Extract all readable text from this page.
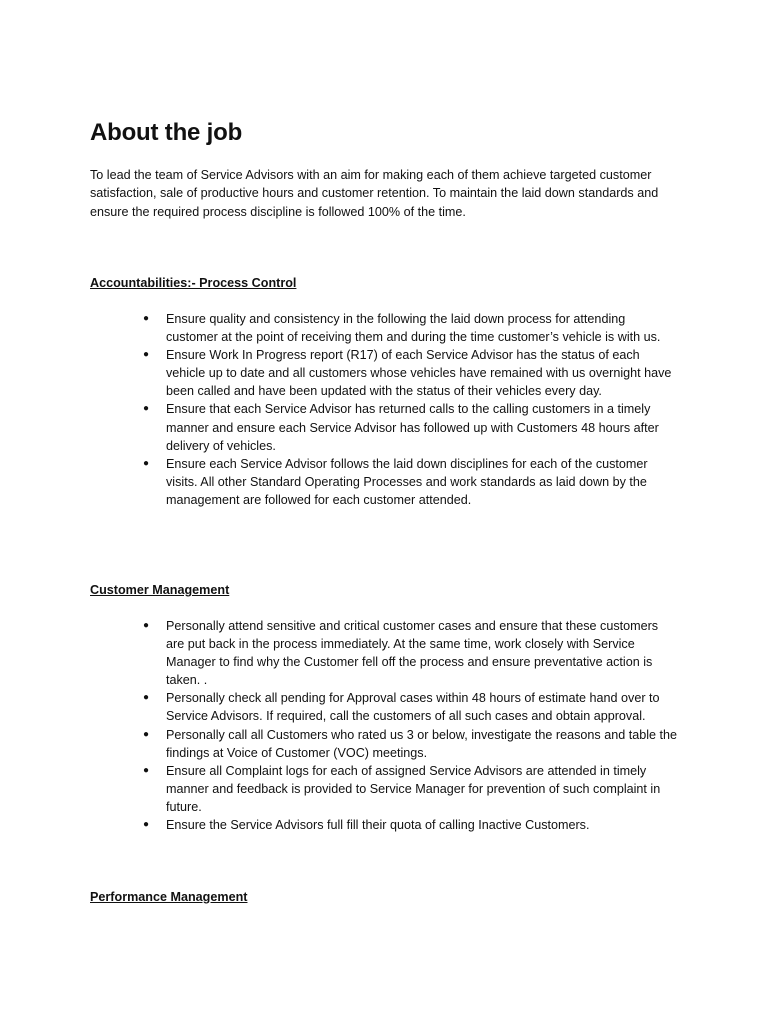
About the job

To lead the team of Service Advisors with an aim for making each of them achieve targeted customer satisfaction, sale of productive hours and customer retention. To maintain the laid down standards and ensure the required process discipline is followed 100% of the time.

Accountabilities:- Process Control
● Ensure quality and consistency in the following the laid down process for attending customer at the point of receiving them and during the time customer’s vehicle is with us.
● Ensure Work In Progress report (R17) of each Service Advisor has the status of each vehicle up to date and all customers whose vehicles have remained with us overnight have been called and have been updated with the status of their vehicles every day.
● Ensure that each Service Advisor has returned calls to the calling customers in a timely manner and ensure each Service Advisor has followed up with Customers 48 hours after delivery of vehicles.
● Ensure each Service Advisor follows the laid down disciplines for each of the customer visits. All other Standard Operating Processes and work standards as laid down by the management are followed for each customer attended.
Customer Management
● Personally attend sensitive and critical customer cases and ensure that these customers are put back in the process immediately. At the same time, work closely with Service Manager to find why the Customer fell off the process and ensure preventative action is taken. .
● Personally check all pending for Approval cases within 48 hours of estimate hand over to Service Advisors. If required, call the customers of all such cases and obtain approval.
● Personally call all Customers who rated us 3 or below, investigate the reasons and table the findings at Voice of Customer (VOC) meetings.
● Ensure all Complaint logs for each of assigned Service Advisors are attended in timely manner and feedback is provided to Service Manager for prevention of such complaint in future.
● Ensure the Service Advisors full fill their quota of calling Inactive Customers.
Performance Management
